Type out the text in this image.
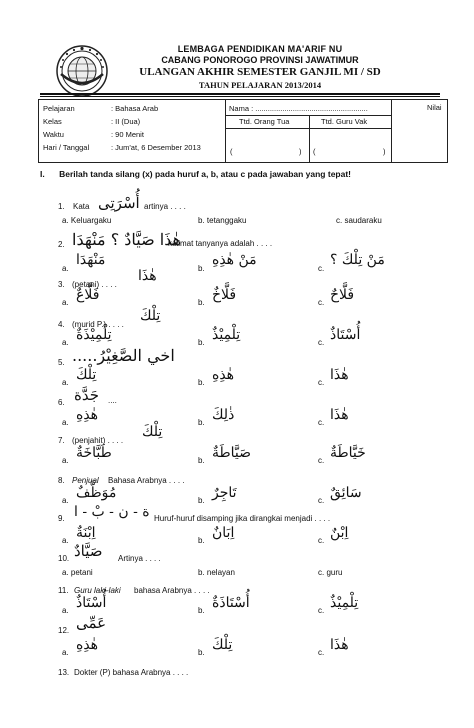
LEMBAGA PENDIDIKAN MA'ARIF NU
CABANG PONOROGO PROVINSI JAWATIMUR
ULANGAN AKHIR SEMESTER GANJIL MI / SD
TAHUN PELAJARAN 2013/2014
Pelajaran	: Bahasa Arab
Kelas	: II (Dua)
Waktu	: 90 Menit
Hari / Tanggal	: Jum'at, 6 Desember 2013
Nama : ......................................................
Ttd. Orang Tua	Ttd. Guru Vak
(	) (	)
Nilai
I. Berilah tanda silang (x) pada huruf a, b, atau c pada jawaban yang tepat!
1. Kata أُسْرَتِى artinya . . . .
a. Keluargaku	b. tetanggaku	c. saudaraku
2. هٰذَا صَيَّادٌ ؟ مَنْهَدَا
kalimat tanyanya adalah . . . .
a.
مَنْهَدَا
b.
مَنْ هٰذِهِ
c.
مَنْ تِلْكَ ؟
3. (petani) . . . .
هٰذَا
a. فَلَّاعٌ	b. فَلَّاخٌ	c. فَلَّاحٌ
4. (murid P.) . . . .
تِلْكَ
a. تِلْمِيْذَةٌ	b. تِلْمِيْذٌ	c. أُسْتَاذٌ
5. اخي الصَّغِيْرُ.....
a. تِلْكَ	b. هٰذِهِ	c. هٰذَا
6. جَدَّة ....
a. هٰذِهِ	b. ذٰلِكَ	c. هٰذَا
7. (penjahit) . . . .
تِلْكَ
a. طَبَّاخَةٌ	b. صَيَّاطَةٌ	c. خَيَّاطَةٌ
8. Penjual Bahasa Arabnya . . . .
a. مُوَظَّفٌ	b. تَاجِرٌ	c. سَائِقٌ
9. ة - ن - بْ - ا Huruf-huruf disamping jika dirangkai menjadi . . . .
a. اِبْنَةٌ	b. اِبَانٌ	c. اِبْنٌ
10. صَيَّادٌ Artinya . . . .
a. petani	b. nelayan	c. guru
11. Guru laki-laki bahasa Arabnya . . . .
a. أُسْتَاذٌ	b. أُسْتَاذَةٌ	c. تِلْمِيْذٌ
12. عَمِّى
a. هٰذِهِ	b. تِلْكَ	c. هٰذَا
13. Dokter (P) bahasa Arabnya . . . .
